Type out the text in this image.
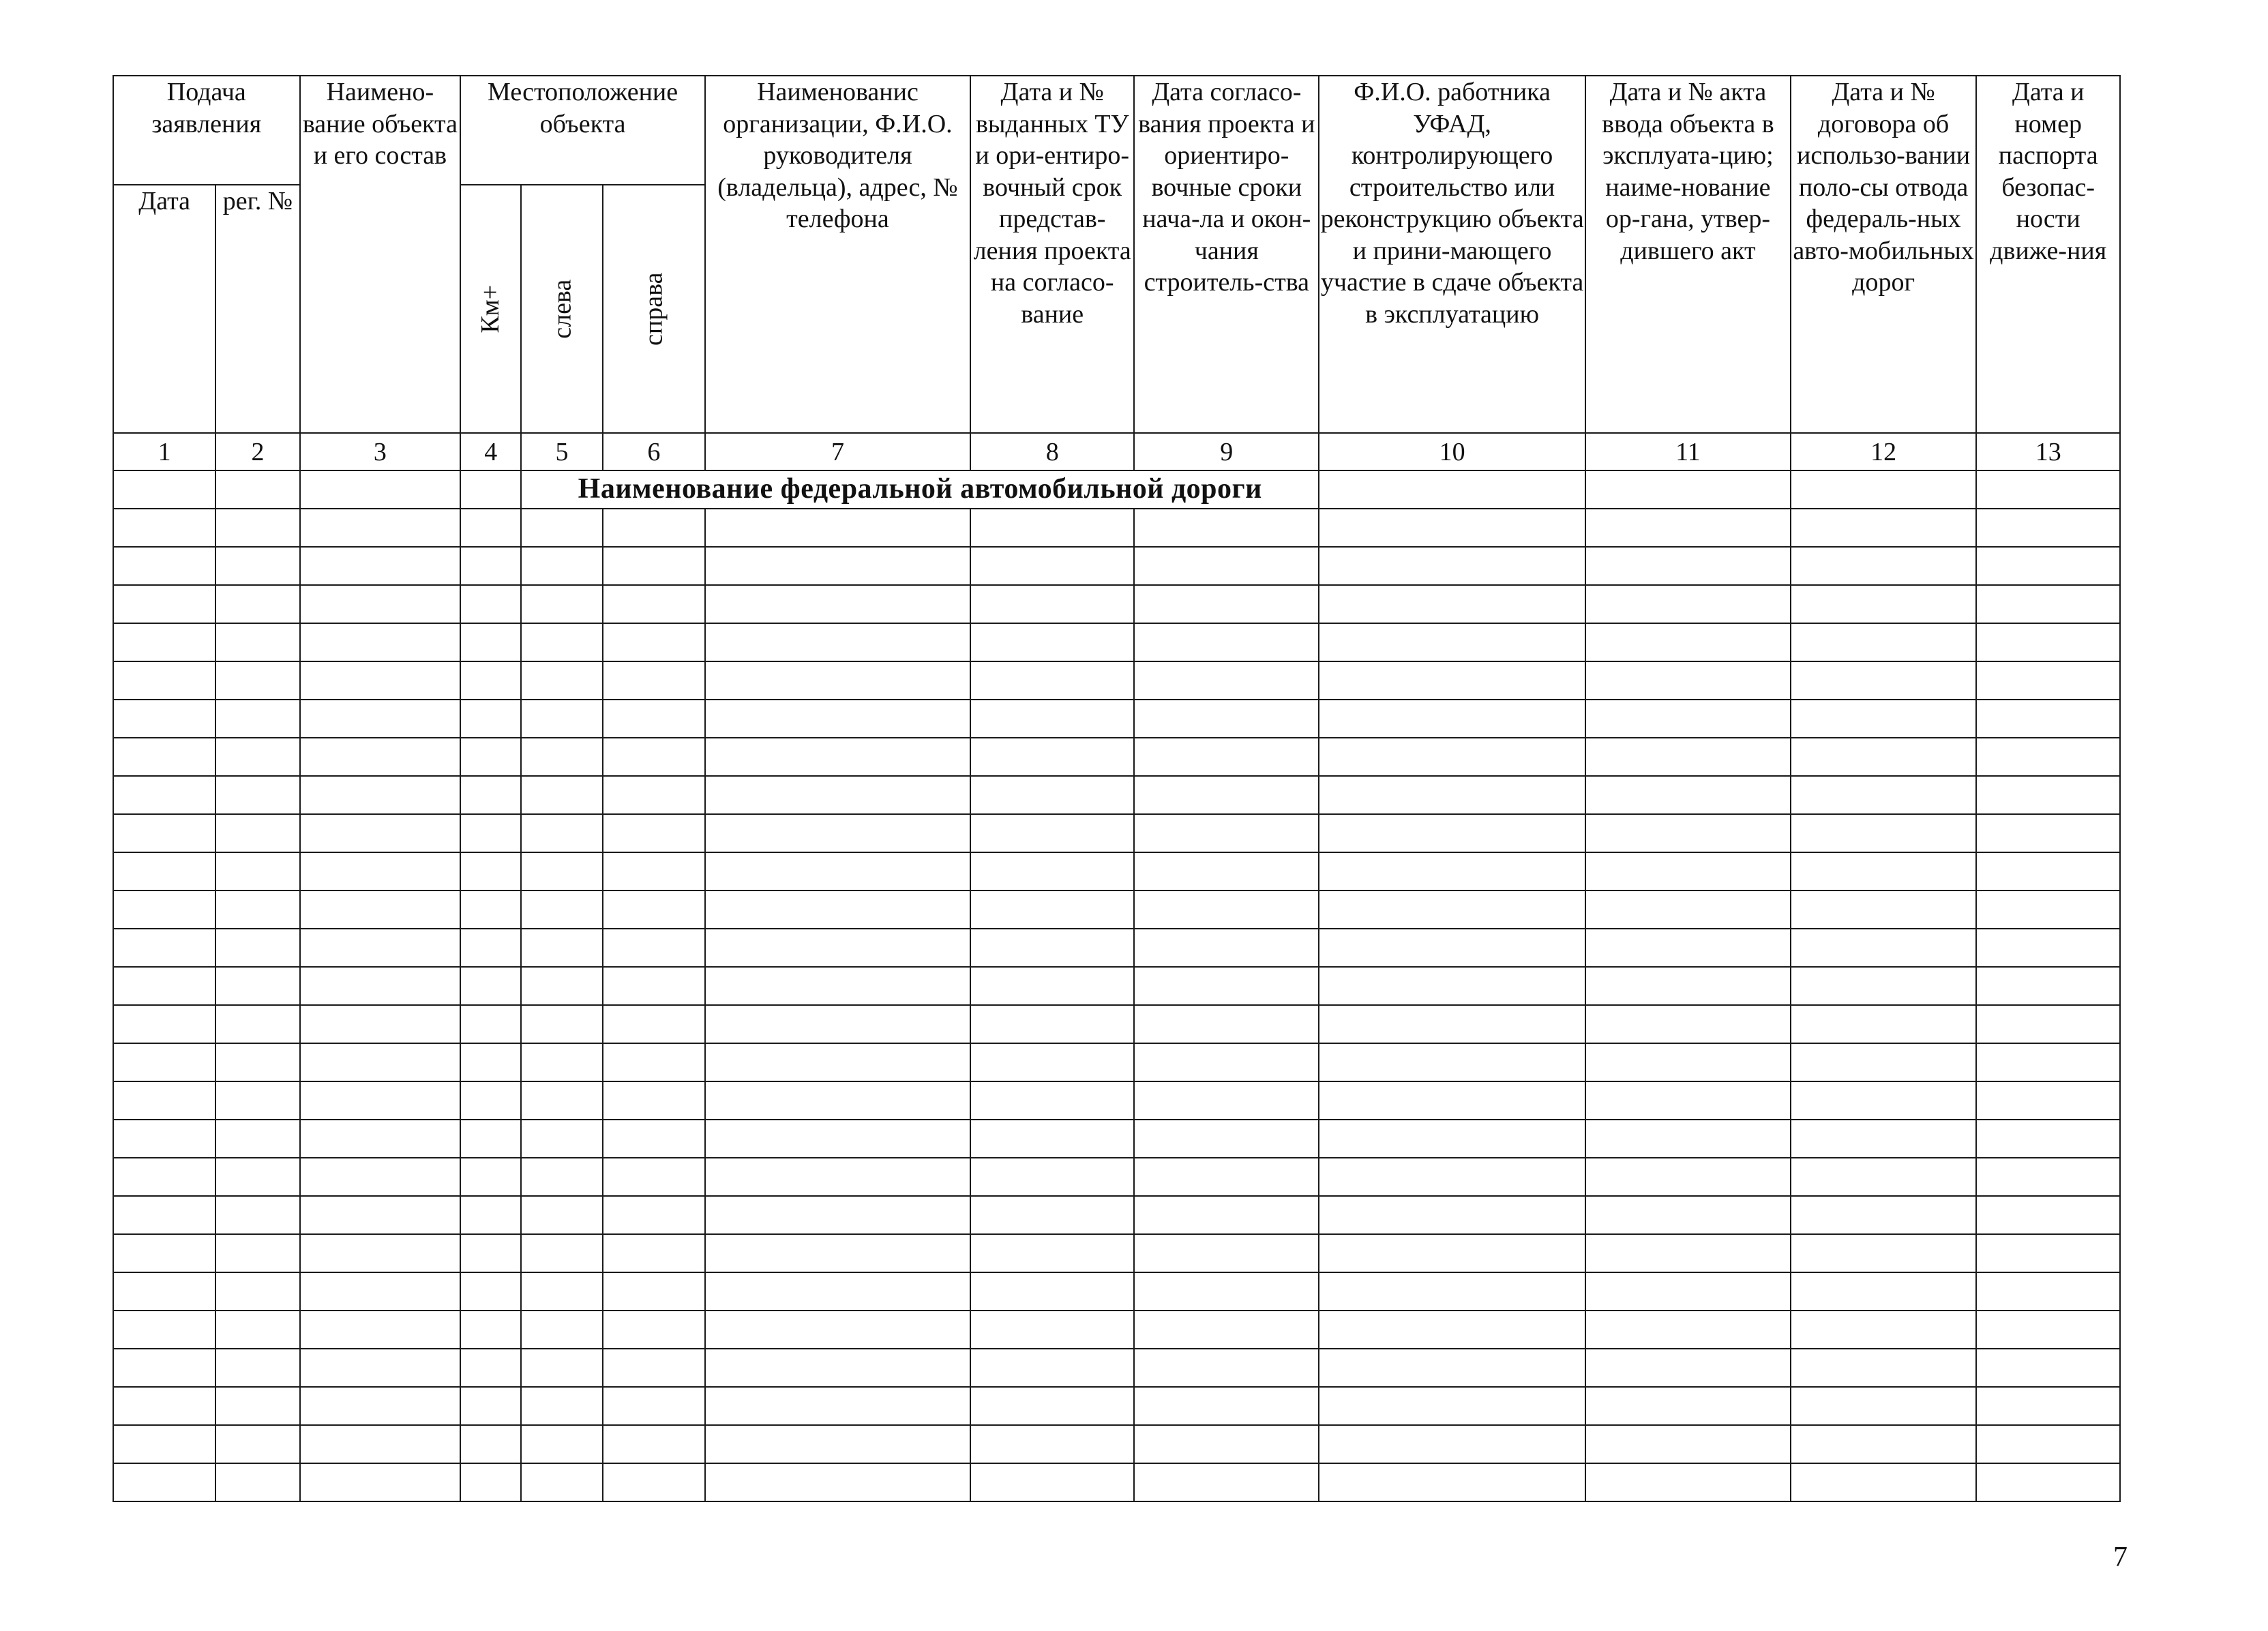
Подача заявления		Наимено-вание объекта и его состав	Местоположение объекта			Наименованис организации, Ф.И.О. руководителя (владельца), адрес, № телефона	Дата и № выданных ТУ и ори-ентиро-вочный срок представ-ления проекта на согласо-вание	Дата согласо-вания проекта и ориентиро-вочные сроки нача-ла и окон-чания строитель-ства	Ф.И.О. работника УФАД, контролирующего строительство или реконструкцию объекта и прини-мающего участие в сдаче объекта в эксплуатацию	Дата и № акта ввода объекта в эксплуата-цию; наиме-нование ор-гана, утвер-дившего акт	Дата и № договора об использо-вании поло-сы отвода федераль-ных авто-мобильных дорог	Дата и номер паспорта безопас-ности движе-ния
Дата	рег. №		Км+	слева	справа							

1	2	3	4	5	6	7	8	9	10	11	12	13
				Наименование федеральной автомобильной дороги								

7
